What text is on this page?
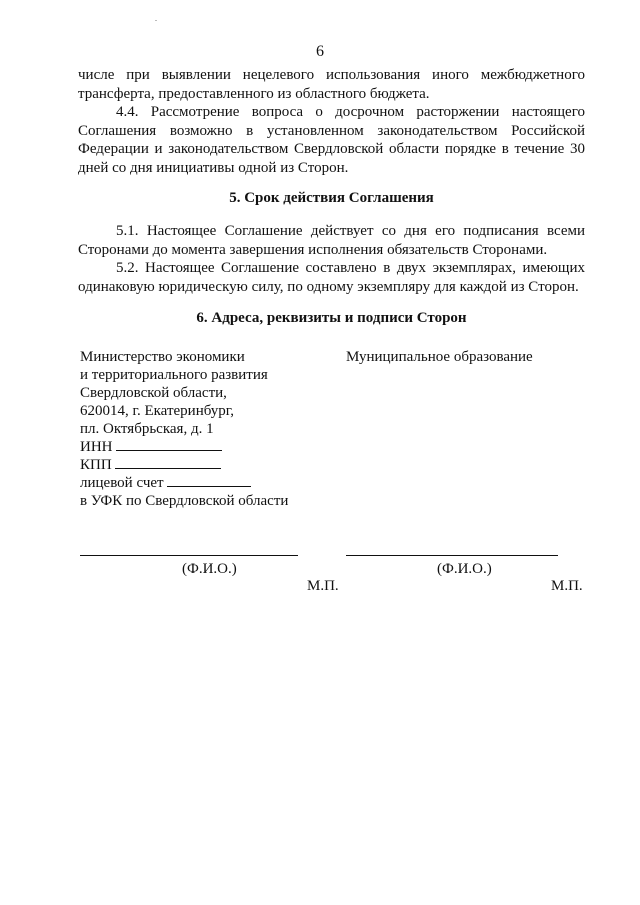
6

числе при выявлении нецелевого использования иного межбюджетного трансферта, предоставленного из областного бюджета.

4.4. Рассмотрение вопроса о досрочном расторжении настоящего Соглашения возможно в установленном законодательством Российской Федерации и законодательством Свердловской области порядке в течение 30 дней со дня инициативы одной из Сторон.

5. Срок действия Соглашения

5.1. Настоящее Соглашение действует со дня его подписания всеми Сторонами до момента завершения исполнения обязательств Сторонами.

5.2. Настоящее Соглашение составлено в двух экземплярах, имеющих одинаковую юридическую силу, по одному экземпляру для каждой из Сторон.

6. Адреса, реквизиты и подписи Сторон

Министерство экономики
и территориального развития
Свердловской области,
620014, г. Екатеринбург,
пл. Октябрьская, д. 1
ИНН
КПП
лицевой счет
в УФК по Свердловской области
Муниципальное образование
(Ф.И.О.)	(Ф.И.О.)
М.П.	М.П.
